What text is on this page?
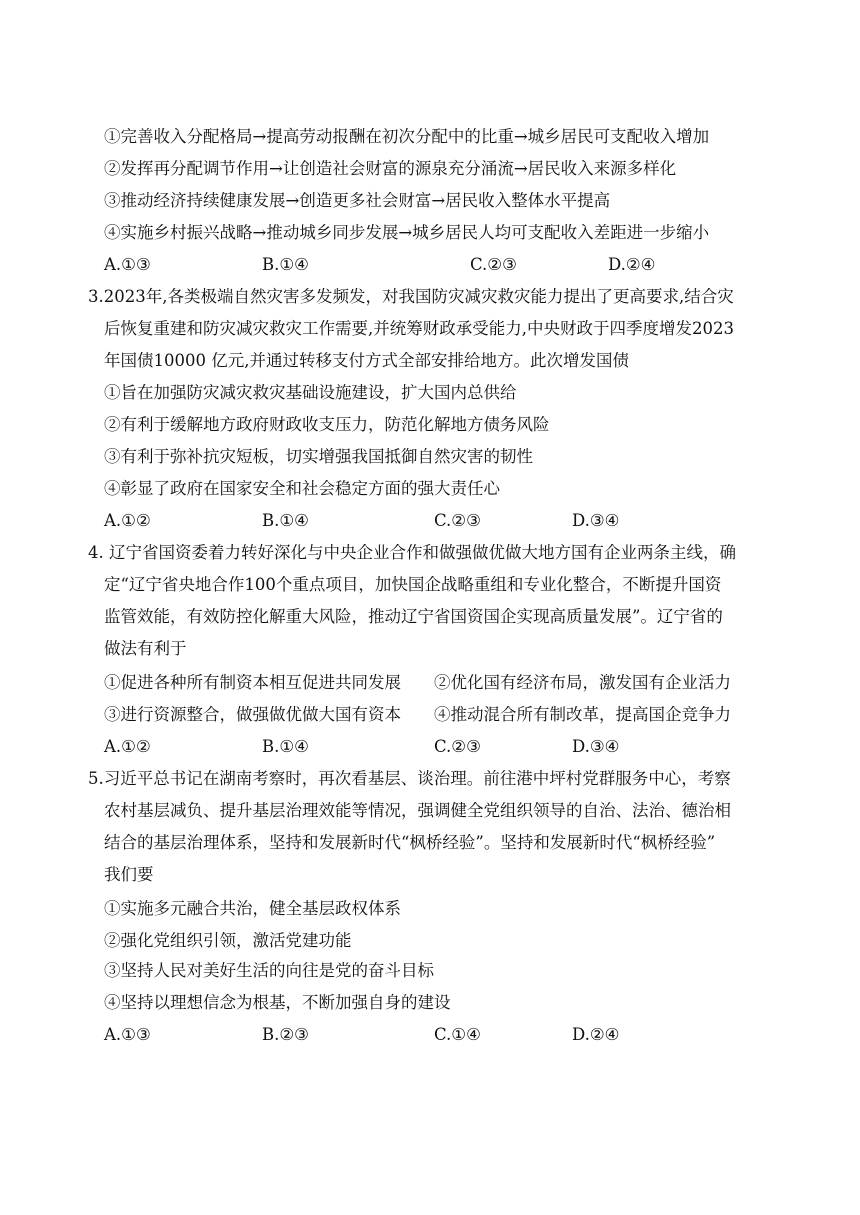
①完善收入分配格局→提高劳动报酬在初次分配中的比重→城乡居民可支配收入增加
②发挥再分配调节作用→让创造社会财富的源泉充分涌流→居民收入来源多样化
③推动经济持续健康发展→创造更多社会财富→居民收入整体水平提高
④实施乡村振兴战略→推动城乡同步发展→城乡居民人均可支配收入差距进一步缩小
A.①③	B.①④	C.②③	D.②④
3.2023年,各类极端自然灾害多发频发，对我国防灾减灾救灾能力提出了更高要求,结合灾
后恢复重建和防灾减灾救灾工作需要,并统筹财政承受能力,中央财政于四季度增发2023
年国债10000 亿元,并通过转移支付方式全部安排给地方。此次增发国债
①旨在加强防灾减灾救灾基础设施建设，扩大国内总供给
②有利于缓解地方政府财政收支压力，防范化解地方债务风险
③有利于弥补抗灾短板，切实增强我国抵御自然灾害的韧性
④彰显了政府在国家安全和社会稳定方面的强大责任心
A.①②	B.①④	C.②③	D.③④
4. 辽宁省国资委着力转好深化与中央企业合作和做强做优做大地方国有企业两条主线，确
定“辽宁省央地合作100个重点项目，加快国企战略重组和专业化整合，不断提升国资
监管效能，有效防控化解重大风险，推动辽宁省国资国企实现高质量发展”。辽宁省的
做法有利于
①促进各种所有制资本相互促进共同发展 ②优化国有经济布局，激发国有企业活力
③进行资源整合，做强做优做大国有资本 ④推动混合所有制改革，提高国企竞争力
A.①②	B.①④	C.②③	D.③④
5.习近平总书记在湖南考察时，再次看基层、谈治理。前往港中坪村党群服务中心，考察
农村基层减负、提升基层治理效能等情况，强调健全党组织领导的自治、法治、德治相
结合的基层治理体系，坚持和发展新时代“枫桥经验”。坚持和发展新时代“枫桥经验”
我们要
①实施多元融合共治，健全基层政权体系
②强化党组织引领，激活党建功能
③坚持人民对美好生活的向往是党的奋斗目标
④坚持以理想信念为根基，不断加强自身的建设
A.①③	B.②③	C.①④	D.②④
